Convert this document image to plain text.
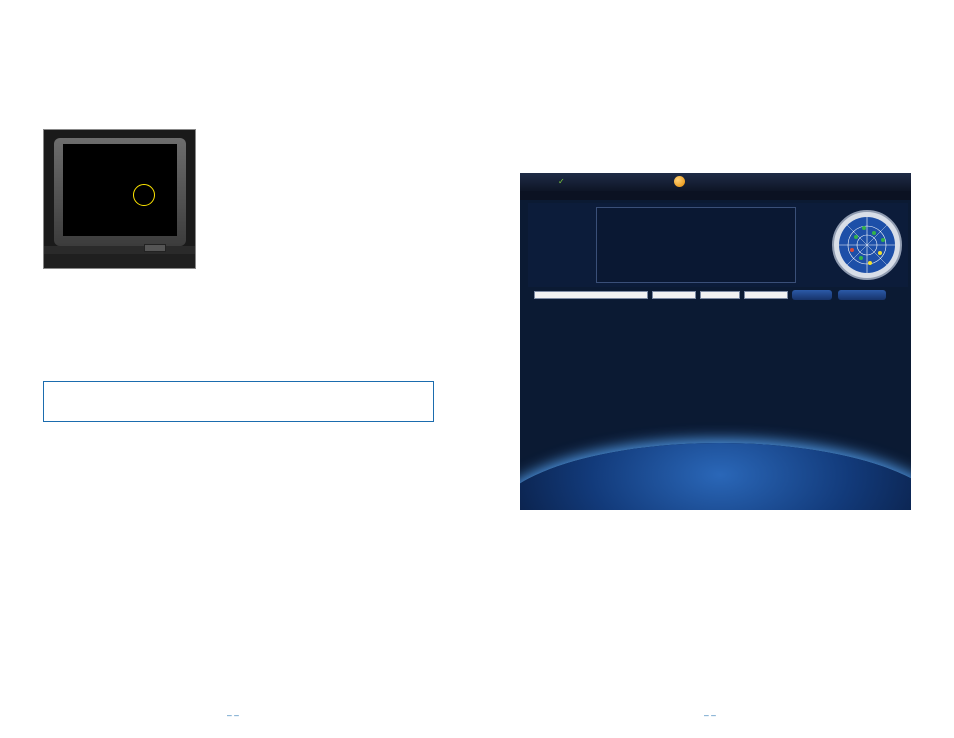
– –

✓
– –
